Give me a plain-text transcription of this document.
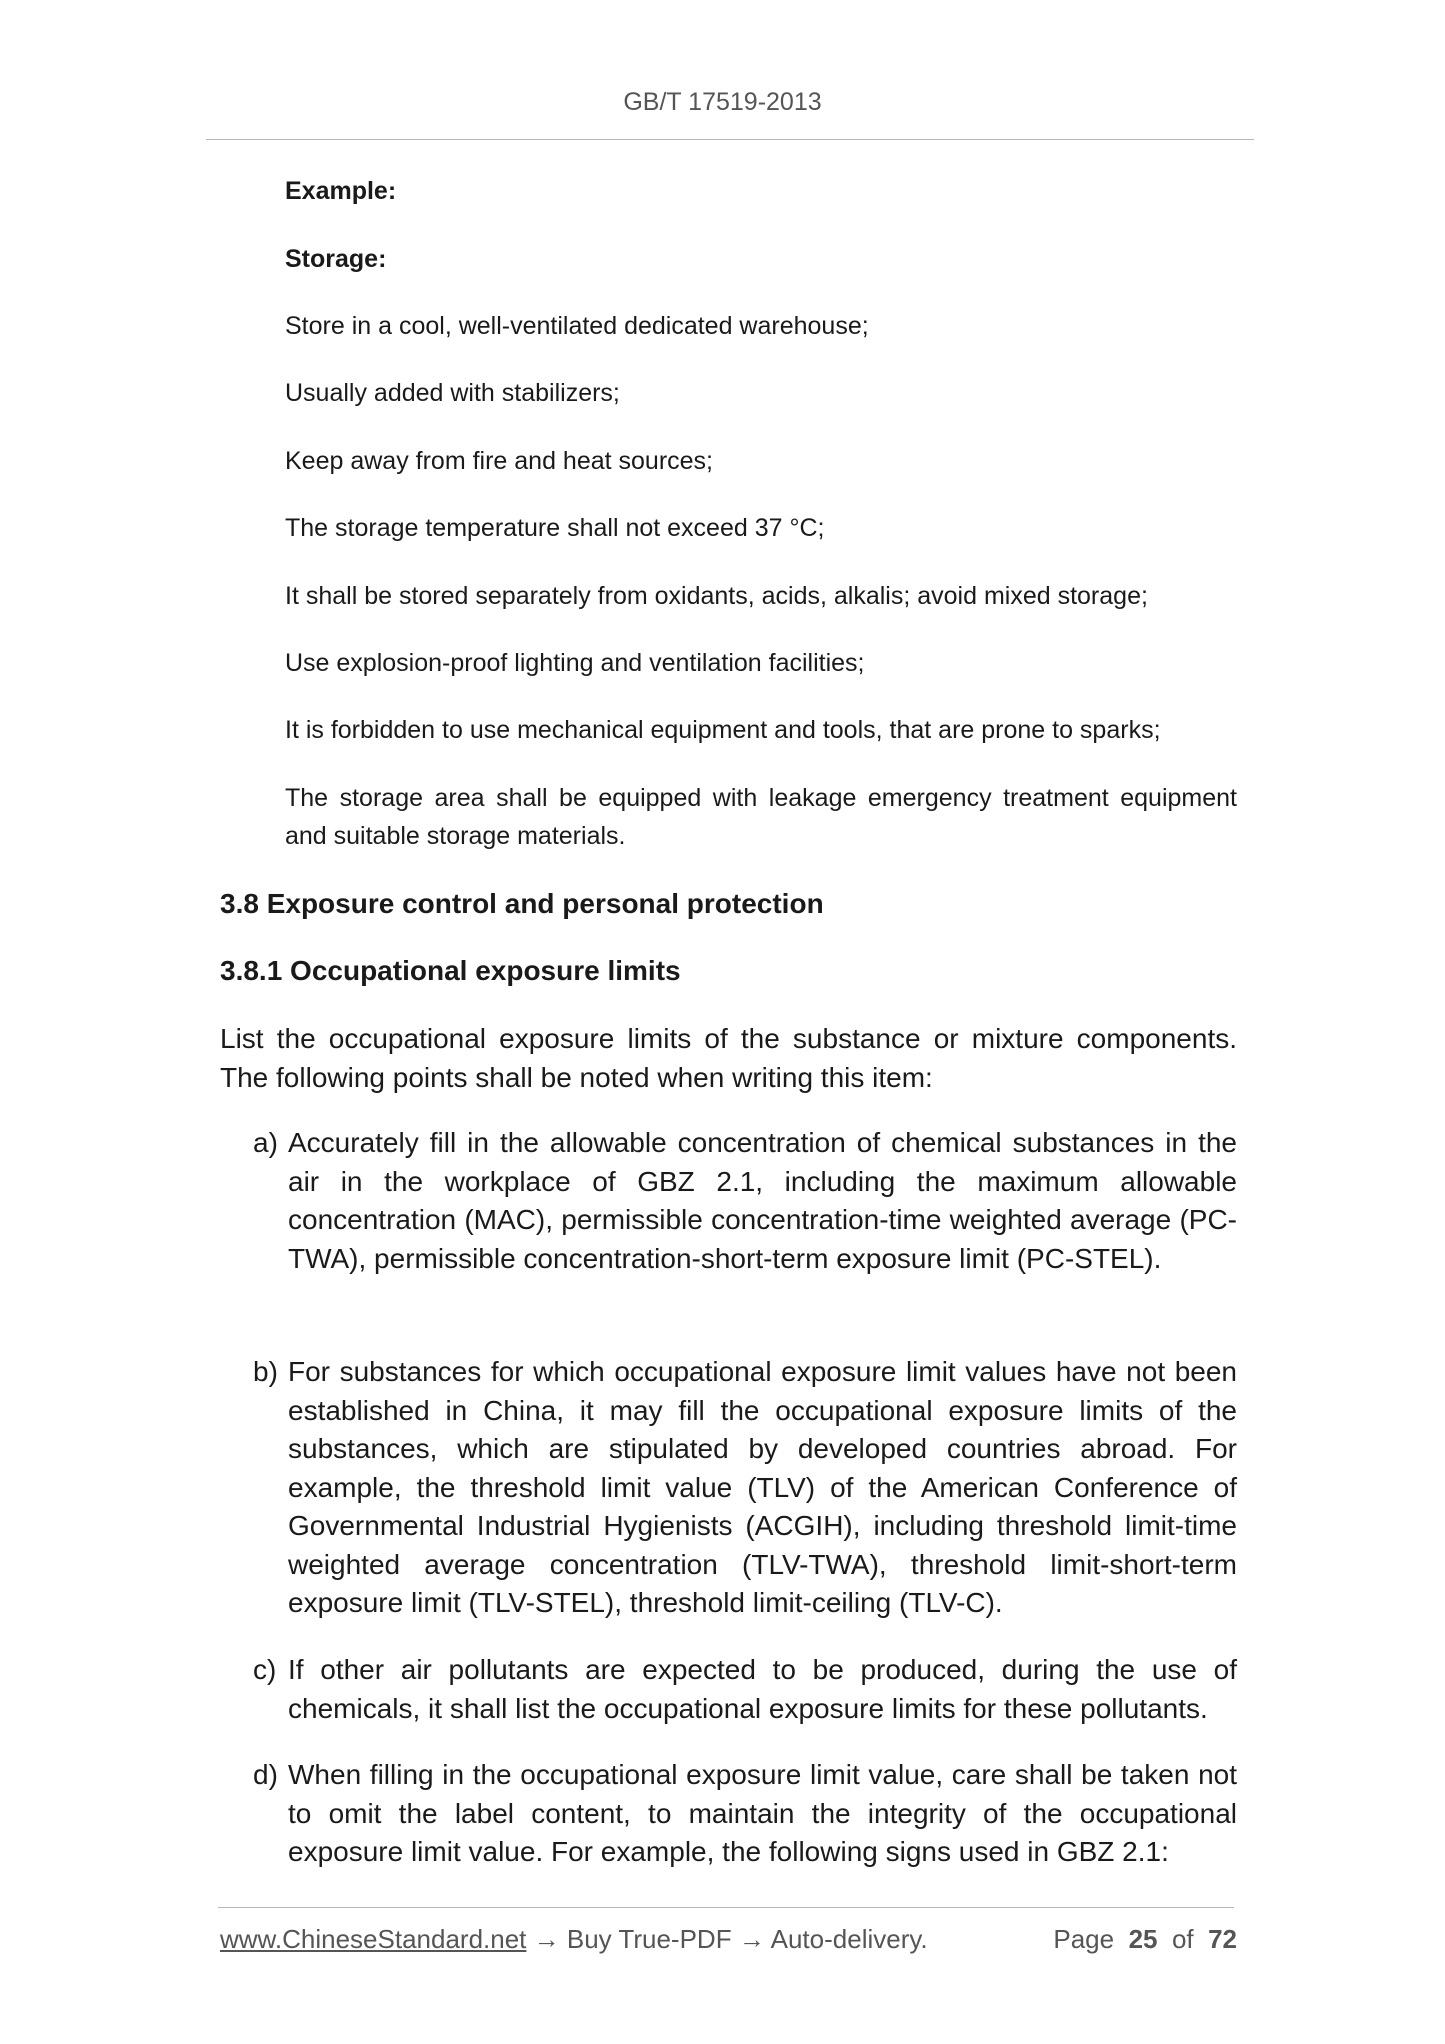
GB/T 17519-2013

Example:

Storage:

Store in a cool, well-ventilated dedicated warehouse;

Usually added with stabilizers;

Keep away from fire and heat sources;

The storage temperature shall not exceed 37 °C;

It shall be stored separately from oxidants, acids, alkalis; avoid mixed storage;

Use explosion-proof lighting and ventilation facilities;

It is forbidden to use mechanical equipment and tools, that are prone to sparks;

The storage area shall be equipped with leakage emergency treatment equipment and suitable storage materials.

3.8 Exposure control and personal protection

3.8.1 Occupational exposure limits

List the occupational exposure limits of the substance or mixture components. The following points shall be noted when writing this item:

a) Accurately fill in the allowable concentration of chemical substances in the air in the workplace of GBZ 2.1, including the maximum allowable concentration (MAC), permissible concentration-time weighted average (PC-TWA), permissible concentration-short-term exposure limit (PC-STEL).
b) For substances for which occupational exposure limit values have not been established in China, it may fill the occupational exposure limits of the substances, which are stipulated by developed countries abroad. For example, the threshold limit value (TLV) of the American Conference of Governmental Industrial Hygienists (ACGIH), including threshold limit-time weighted average concentration (TLV-TWA), threshold limit-short-term exposure limit (TLV-STEL), threshold limit-ceiling (TLV-C).
c) If other air pollutants are expected to be produced, during the use of chemicals, it shall list the occupational exposure limits for these pollutants.
d) When filling in the occupational exposure limit value, care shall be taken not to omit the label content, to maintain the integrity of the occupational exposure limit value. For example, the following signs used in GBZ 2.1:
www.ChineseStandard.net → Buy True-PDF → Auto-delivery.	Page 25 of 72
